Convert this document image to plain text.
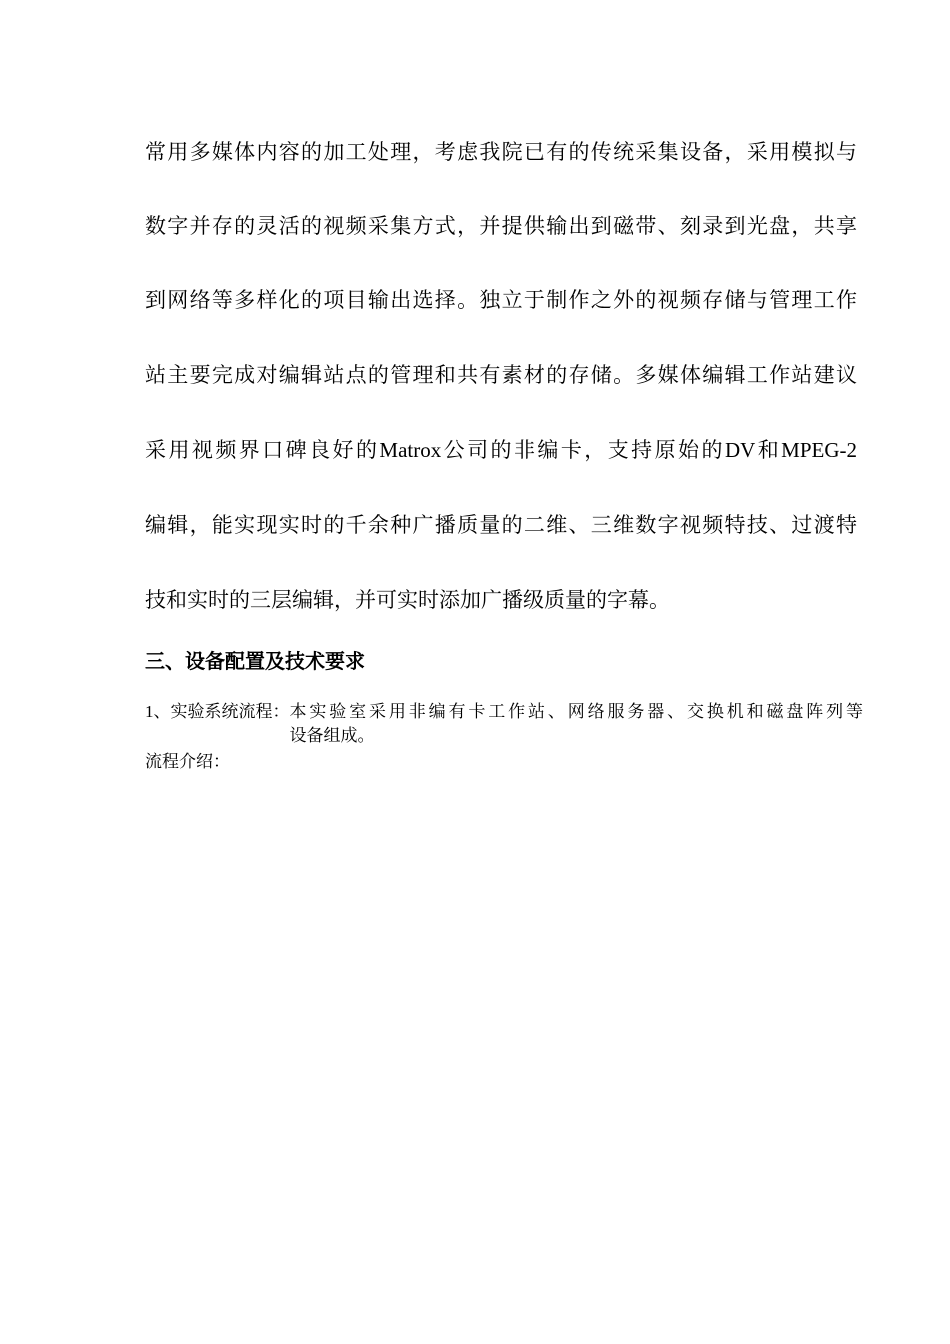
常用多媒体内容的加工处理，考虑我院已有的传统采集设备，采用模拟与
数字并存的灵活的视频采集方式，并提供输出到磁带、刻录到光盘，共享
到网络等多样化的项目输出选择。独立于制作之外的视频存储与管理工作
站主要完成对编辑站点的管理和共有素材的存储。多媒体编辑工作站建议
采用视频界口碑良好的Matrox公司的非编卡，支持原始的DV和MPEG-2
编辑，能实现实时的千余种广播质量的二维、三维数字视频特技、过渡特
技和实时的三层编辑，并可实时添加广播级质量的字幕。
三、设备配置及技术要求
1、实验系统流程： 本实验室采用非编有卡工作站、网络服务器、交换机和磁盘阵列等
设备组成。
流程介绍：
